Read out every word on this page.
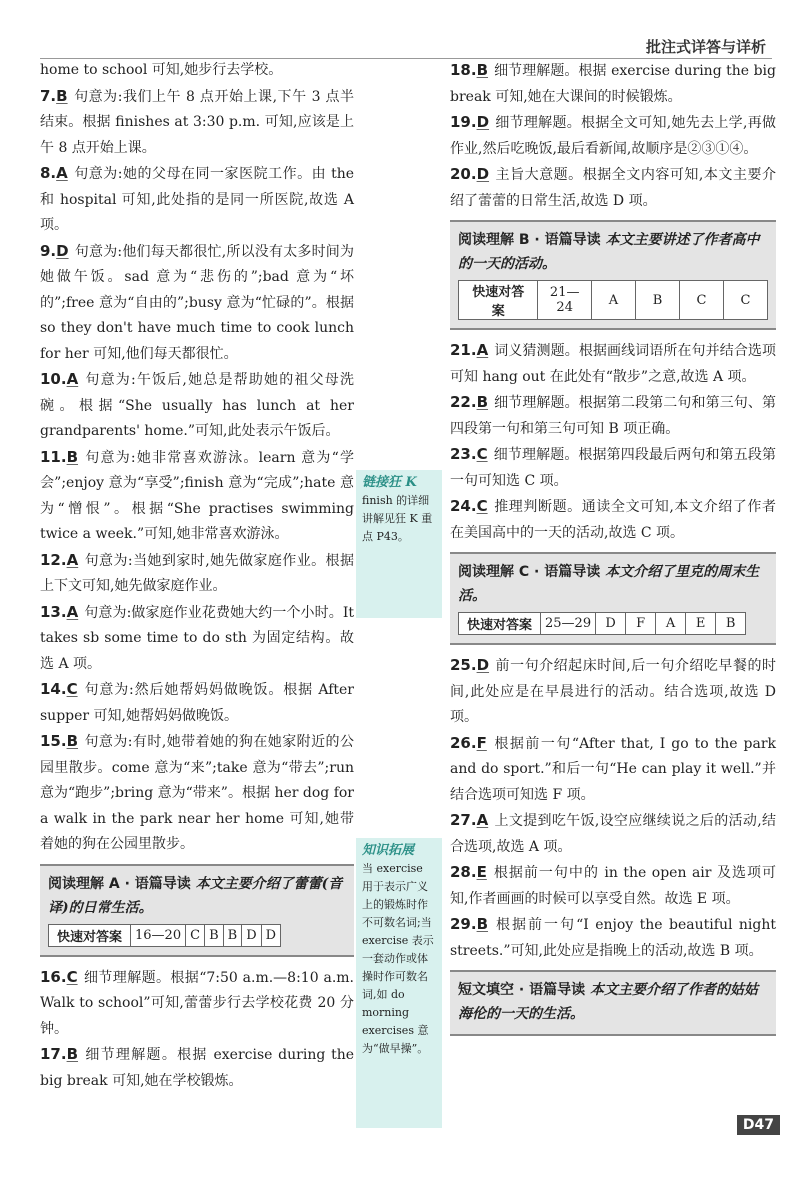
批注式详答与详析
home to school 可知,她步行去学校。
7.B 句意为:我们上午 8 点开始上课,下午 3 点半结束。根据 finishes at 3:30 p.m. 可知,应该是上午 8 点开始上课。
8.A 句意为:她的父母在同一家医院工作。由 the 和 hospital 可知,此处指的是同一所医院,故选 A 项。
9.D 句意为:他们每天都很忙,所以没有太多时间为她做午饭。sad 意为“悲伤的”;bad 意为“坏的”;free 意为“自由的”;busy 意为“忙碌的”。根据 so they don't have much time to cook lunch for her 可知,他们每天都很忙。
10.A 句意为:午饭后,她总是帮助她的祖父母洗碗。根据“She usually has lunch at her grandparents' home.”可知,此处表示午饭后。
11.B 句意为:她非常喜欢游泳。learn 意为“学会”;enjoy 意为“享受”;finish 意为“完成”;hate 意为“憎恨”。根据“She practises swimming twice a week.”可知,她非常喜欢游泳。
12.A 句意为:当她到家时,她先做家庭作业。根据上下文可知,她先做家庭作业。
13.A 句意为:做家庭作业花费她大约一个小时。It takes sb some time to do sth 为固定结构。故选 A 项。
14.C 句意为:然后她帮妈妈做晚饭。根据 After supper 可知,她帮妈妈做晚饭。
15.B 句意为:有时,她带着她的狗在她家附近的公园里散步。come 意为“来”;take 意为“带去”;run 意为“跑步”;bring 意为“带来”。根据 her dog for a walk in the park near her home 可知,她带着她的狗在公园里散步。
阅读理解 A · 语篇导读 本文主要介绍了蕾蕾(音译)的日常生活。
快速对答案	16—20	C	B	B	D	D
16.C 细节理解题。根据“7:50 a.m.—8:10 a.m. Walk to school”可知,蕾蕾步行去学校花费 20 分钟。
17.B 细节理解题。根据 exercise during the big break 可知,她在学校锻炼。
链接狂 K
finish 的详细讲解见狂 K 重点 P43。
知识拓展
当 exercise 用于表示广义上的锻炼时作不可数名词;当 exercise 表示一套动作或体操时作可数名词,如 do morning exercises 意为“做早操”。
18.B 细节理解题。根据 exercise during the big break 可知,她在大课间的时候锻炼。
19.D 细节理解题。根据全文可知,她先去上学,再做作业,然后吃晚饭,最后看新闻,故顺序是②③①④。
20.D 主旨大意题。根据全文内容可知,本文主要介绍了蕾蕾的日常生活,故选 D 项。
阅读理解 B · 语篇导读 本文主要讲述了作者高中的一天的活动。
快速对答案	21—24	A	B	C	C
21.A 词义猜测题。根据画线词语所在句并结合选项可知 hang out 在此处有“散步”之意,故选 A 项。
22.B 细节理解题。根据第二段第二句和第三句、第四段第一句和第三句可知 B 项正确。
23.C 细节理解题。根据第四段最后两句和第五段第一句可知选 C 项。
24.C 推理判断题。通读全文可知,本文介绍了作者在美国高中的一天的活动,故选 C 项。
阅读理解 C · 语篇导读 本文介绍了里克的周末生活。
快速对答案	25—29	D	F	A	E	B
25.D 前一句介绍起床时间,后一句介绍吃早餐的时间,此处应是在早晨进行的活动。结合选项,故选 D 项。
26.F 根据前一句“After that, I go to the park and do sport.”和后一句“He can play it well.”并结合选项可知选 F 项。
27.A 上文提到吃午饭,设空应继续说之后的活动,结合选项,故选 A 项。
28.E 根据前一句中的 in the open air 及选项可知,作者画画的时候可以享受自然。故选 E 项。
29.B 根据前一句“I enjoy the beautiful night streets.”可知,此处应是指晚上的活动,故选 B 项。
短文填空 · 语篇导读 本文主要介绍了作者的姑姑海伦的一天的生活。
D47
